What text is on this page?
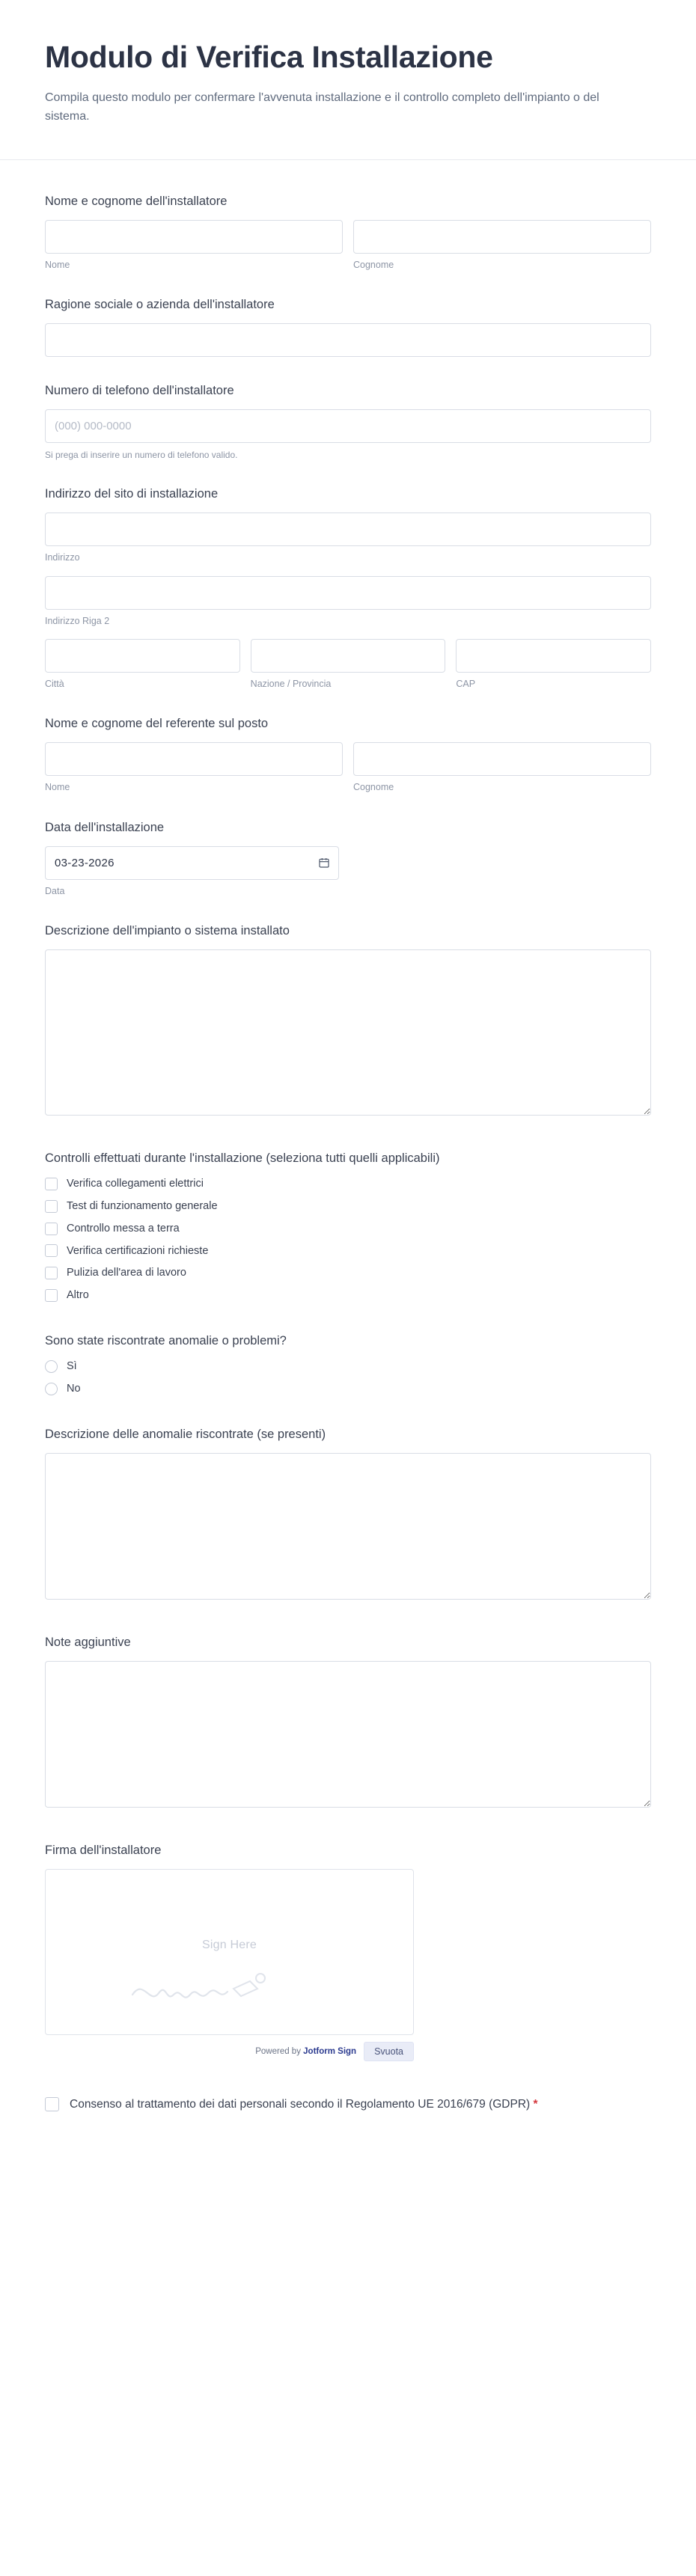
Modulo di Verifica Installazione

Compila questo modulo per confermare l'avvenuta installazione e il controllo completo dell'impianto o del sistema.

Nome e cognome dell'installatore
Nome	Cognome
Ragione sociale o azienda dell'installatore
Numero di telefono dell'installatore
(000) 000-0000
Si prega di inserire un numero di telefono valido.
Indirizzo del sito di installazione
Indirizzo
Indirizzo Riga 2
Città	Nazione / Provincia	CAP
Nome e cognome del referente sul posto
Nome	Cognome
Data dell'installazione
03-23-2026
Data
Descrizione dell'impianto o sistema installato
Controlli effettuati durante l'installazione (seleziona tutti quelli applicabili)
Verifica collegamenti elettrici
Test di funzionamento generale
Controllo messa a terra
Verifica certificazioni richieste
Pulizia dell'area di lavoro
Altro
Sono state riscontrate anomalie o problemi?
Sì
No
Descrizione delle anomalie riscontrate (se presenti)
Note aggiuntive
Firma dell'installatore
Sign Here
Powered by Jotform Sign	Svuota
Consenso al trattamento dei dati personali secondo il Regolamento UE 2016/679 (GDPR) *
